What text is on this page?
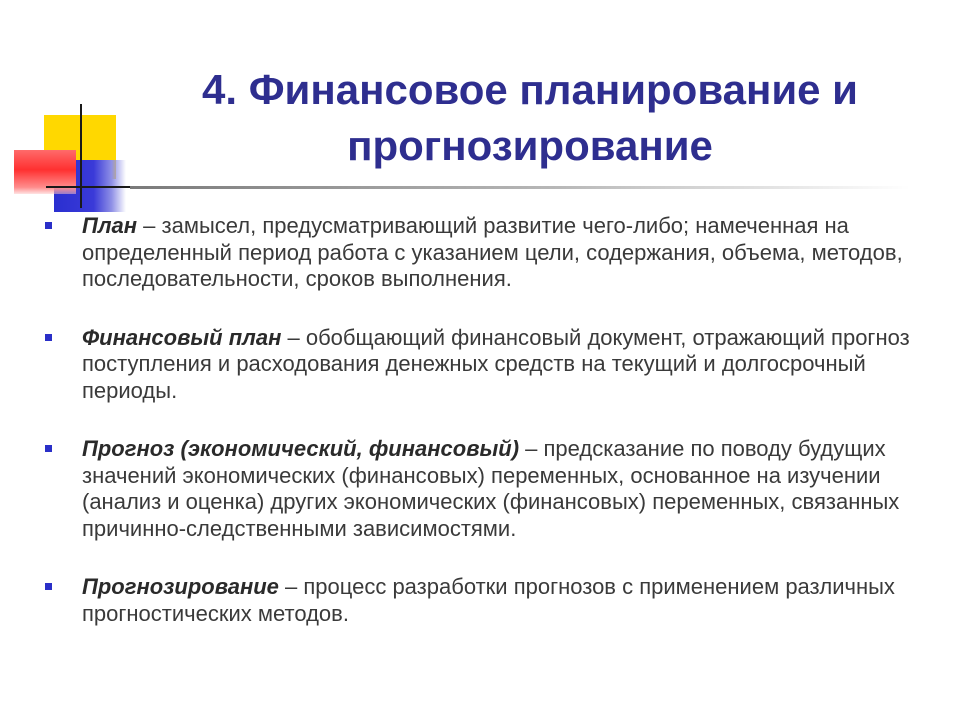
4. Финансовое планирование и
прогнозирование
План – замысел, предусматривающий развитие чего-либо; намеченная на определенный период работа с указанием цели, содержания, объема, методов, последовательности, сроков выполнения.
Финансовый план – обобщающий финансовый документ, отражающий прогноз поступления и расходования денежных средств на текущий и долгосрочный периоды.
Прогноз (экономический, финансовый) – предсказание по поводу будущих значений экономических (финансовых) переменных, основанное на изучении (анализ и оценка) других экономических (финансовых) переменных, связанных причинно-следственными зависимостями.
Прогнозирование – процесс разработки прогнозов с применением различных прогностических методов.
